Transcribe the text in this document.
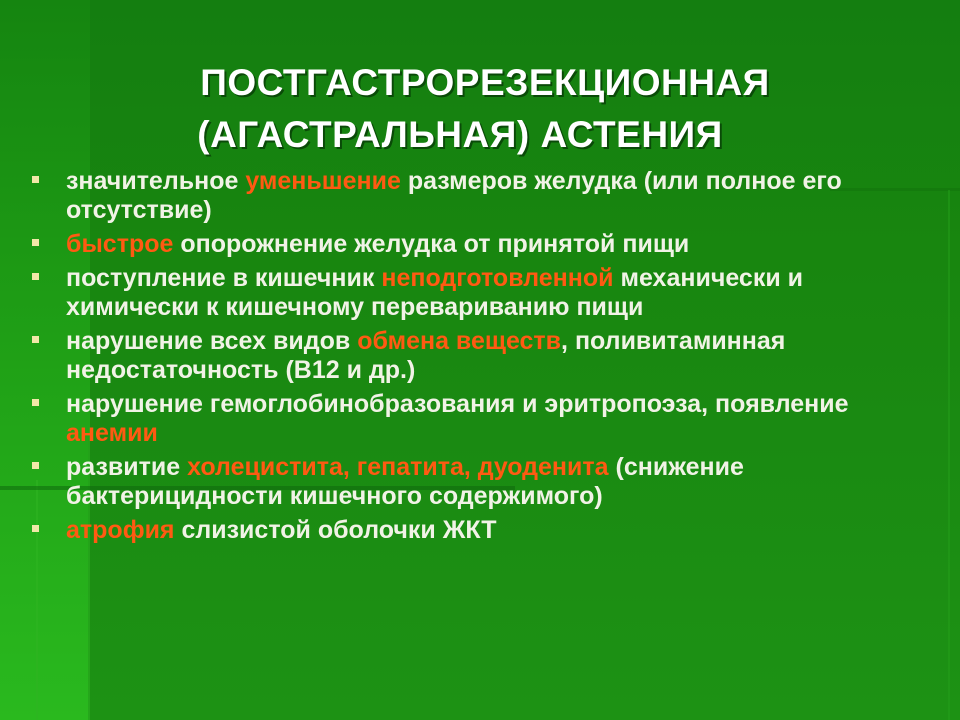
ПОСТГАСТРОРЕЗЕКЦИОННАЯ
(АГАСТРАЛЬНАЯ) АСТЕНИЯ
значительное уменьшение размеров желудка (или полное его отсутствие)
быстрое опорожнение желудка от принятой пищи
поступление в кишечник неподготовленной механически и химически к кишечному перевариванию пищи
нарушение всех видов обмена веществ, поливитаминная недостаточность (В12 и др.)
нарушение гемоглобинобразования и эритропоэза, появление анемии
развитие холецистита, гепатита, дуоденита (снижение бактерицидности кишечного содержимого)
атрофия слизистой оболочки ЖКТ
